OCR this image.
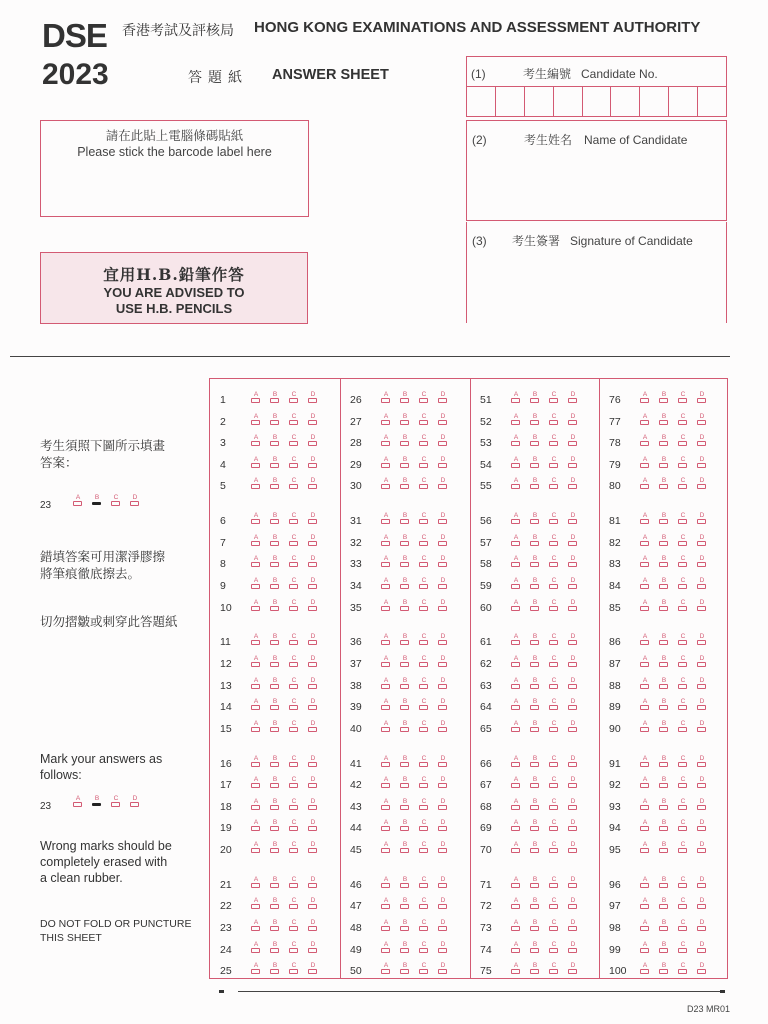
DSE
2023
香港考試及評核局 HONG KONG EXAMINATIONS AND ASSESSMENT AUTHORITY
答題紙 ANSWER SHEET
請在此貼上電腦條碼貼紙
Please stick the barcode label here
宜用H.B.鉛筆作答
YOU ARE ADVISED TO
USE H.B. PENCILS
(1)	考生編號 Candidate No.
(2)	考生姓名 Name of Candidate
(3) 考生簽署 Signature of Candidate
考生須照下圖所示填畫
答案：
23
A	B	C	D
錯填答案可用潔淨膠擦
將筆痕徹底擦去。
切勿摺皺或刺穿此答題紙
Mark your answers as
follows:
23
A	B	C	D
Wrong marks should be
completely erased with
a clean rubber.
DO NOT FOLD OR PUNCTURE
THIS SHEET
1	A	B	C	D
2	A	B	C	D
3	A	B	C	D
4	A	B	C	D
5	A	B	C	D
6	A	B	C	D
7	A	B	C	D
8	A	B	C	D
9	A	B	C	D
10	A	B	C	D
11	A	B	C	D
12	A	B	C	D
13	A	B	C	D
14	A	B	C	D
15	A	B	C	D
16	A	B	C	D
17	A	B	C	D
18	A	B	C	D
19	A	B	C	D
20	A	B	C	D
21	A	B	C	D
22	A	B	C	D
23	A	B	C	D
24	A	B	C	D
25	A	B	C	D
26	A	B	C	D
27	A	B	C	D
28	A	B	C	D
29	A	B	C	D
30	A	B	C	D
31	A	B	C	D
32	A	B	C	D
33	A	B	C	D
34	A	B	C	D
35	A	B	C	D
36	A	B	C	D
37	A	B	C	D
38	A	B	C	D
39	A	B	C	D
40	A	B	C	D
41	A	B	C	D
42	A	B	C	D
43	A	B	C	D
44	A	B	C	D
45	A	B	C	D
46	A	B	C	D
47	A	B	C	D
48	A	B	C	D
49	A	B	C	D
50	A	B	C	D
51	A	B	C	D
52	A	B	C	D
53	A	B	C	D
54	A	B	C	D
55	A	B	C	D
56	A	B	C	D
57	A	B	C	D
58	A	B	C	D
59	A	B	C	D
60	A	B	C	D
61	A	B	C	D
62	A	B	C	D
63	A	B	C	D
64	A	B	C	D
65	A	B	C	D
66	A	B	C	D
67	A	B	C	D
68	A	B	C	D
69	A	B	C	D
70	A	B	C	D
71	A	B	C	D
72	A	B	C	D
73	A	B	C	D
74	A	B	C	D
75	A	B	C	D
76	A	B	C	D
77	A	B	C	D
78	A	B	C	D
79	A	B	C	D
80	A	B	C	D
81	A	B	C	D
82	A	B	C	D
83	A	B	C	D
84	A	B	C	D
85	A	B	C	D
86	A	B	C	D
87	A	B	C	D
88	A	B	C	D
89	A	B	C	D
90	A	B	C	D
91	A	B	C	D
92	A	B	C	D
93	A	B	C	D
94	A	B	C	D
95	A	B	C	D
96	A	B	C	D
97	A	B	C	D
98	A	B	C	D
99	A	B	C	D
100	A	B	C	D
D23 MR01
